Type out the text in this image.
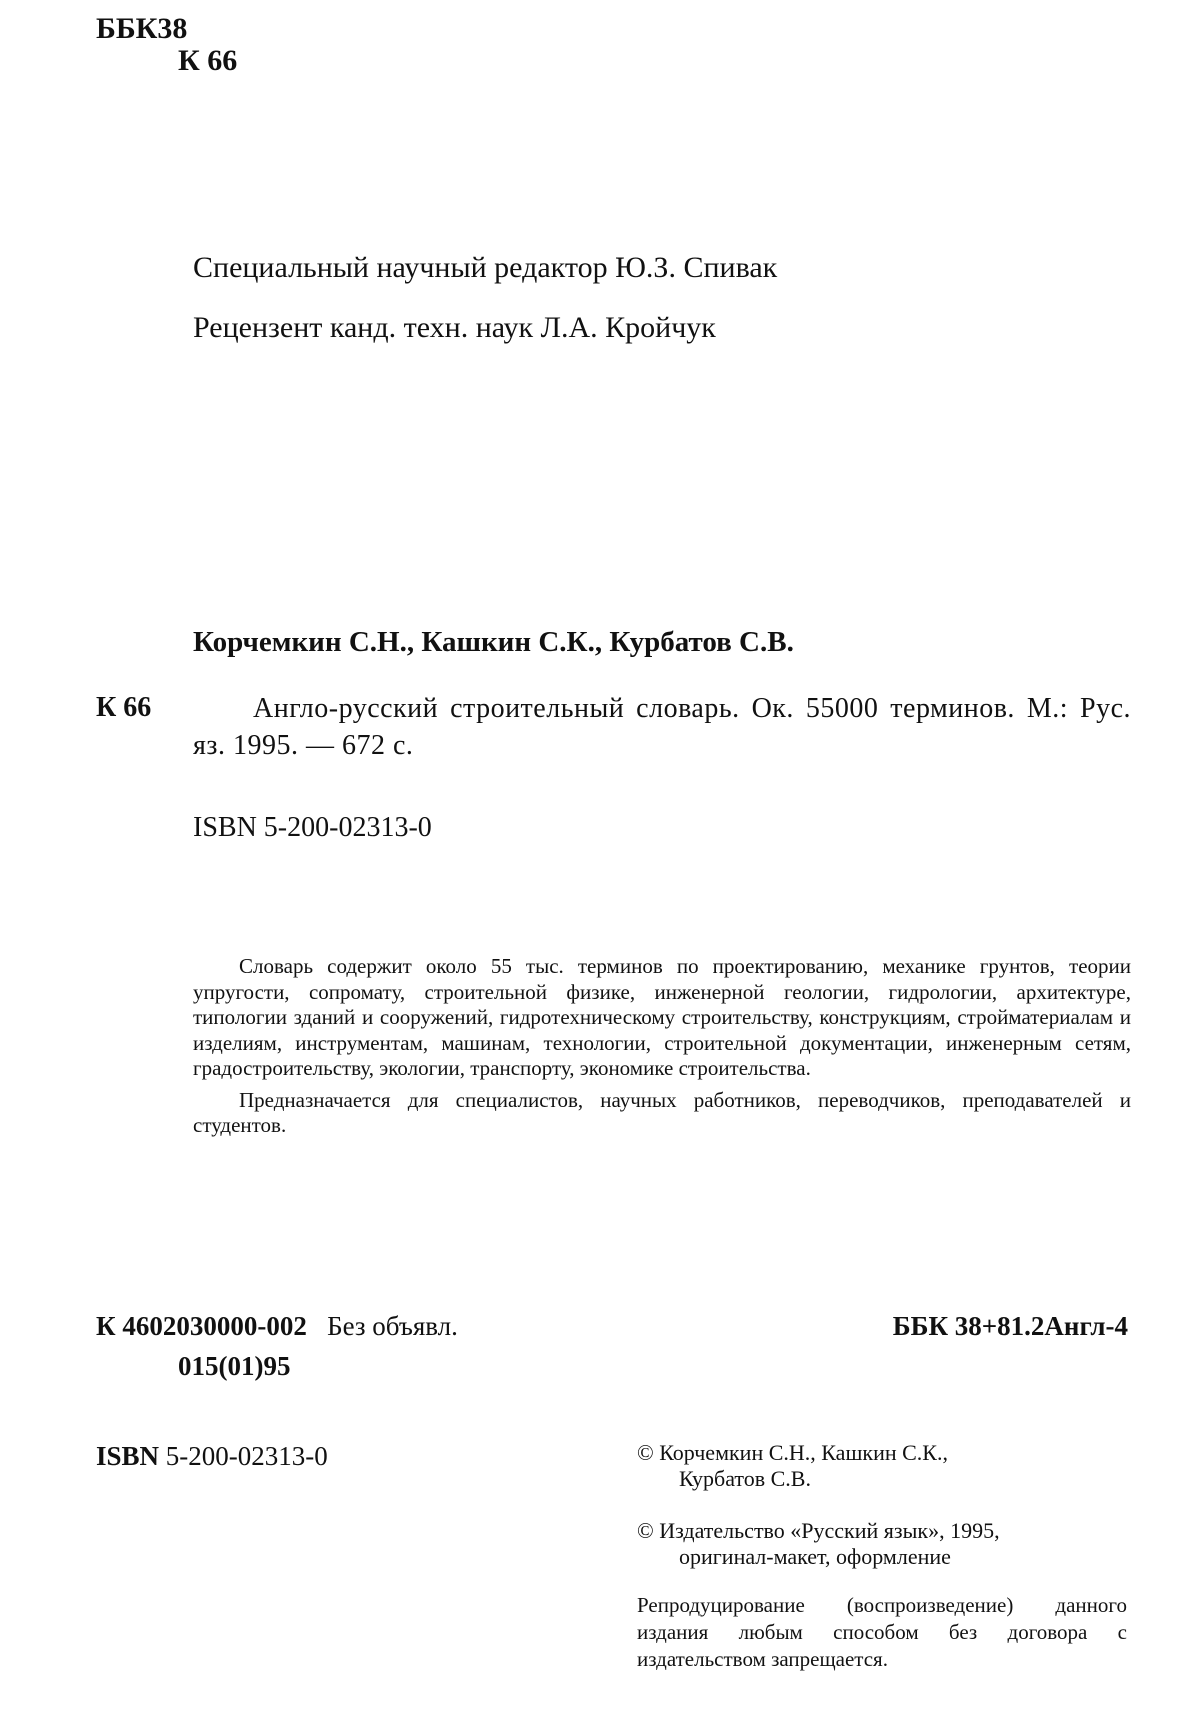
ББК38
К 66
Специальный научный редактор Ю.З. Спивак
Рецензент канд. техн. наук Л.А. Кройчук
Корчемкин С.Н., Кашкин С.К., Курбатов С.В.
К 66	Англо-русский строительный словарь. Ок. 55000 терминов. М.: Рус. яз. 1995. — 672 с.
ISBN 5-200-02313-0

Словарь содержит около 55 тыс. терминов по проектированию, механике грунтов, теории упругости, сопромату, строительной физике, инженерной геологии, гидрологии, архитектуре, типологии зданий и сооружений, гидротехническому строительству, конструкциям, стройматериалам и изделиям, инструментам, машинам, технологии, строительной документации, инженерным сетям, градостроительству, экологии, транспорту, экономике строительства.

Предназначается для специалистов, научных работников, переводчиков, преподавателей и студентов.

К 4602030000-002 Без объявл.
015(01)95
ББК 38+81.2Англ-4
ISBN 5-200-02313-0	© Корчемкин С.Н., Кашкин С.К.,
Курбатов С.В.
© Издательство «Русский язык», 1995,
оригинал-макет, оформление
Репродуцирование (воспроизведение) данного издания любым способом без договора с издательством запрещается.
